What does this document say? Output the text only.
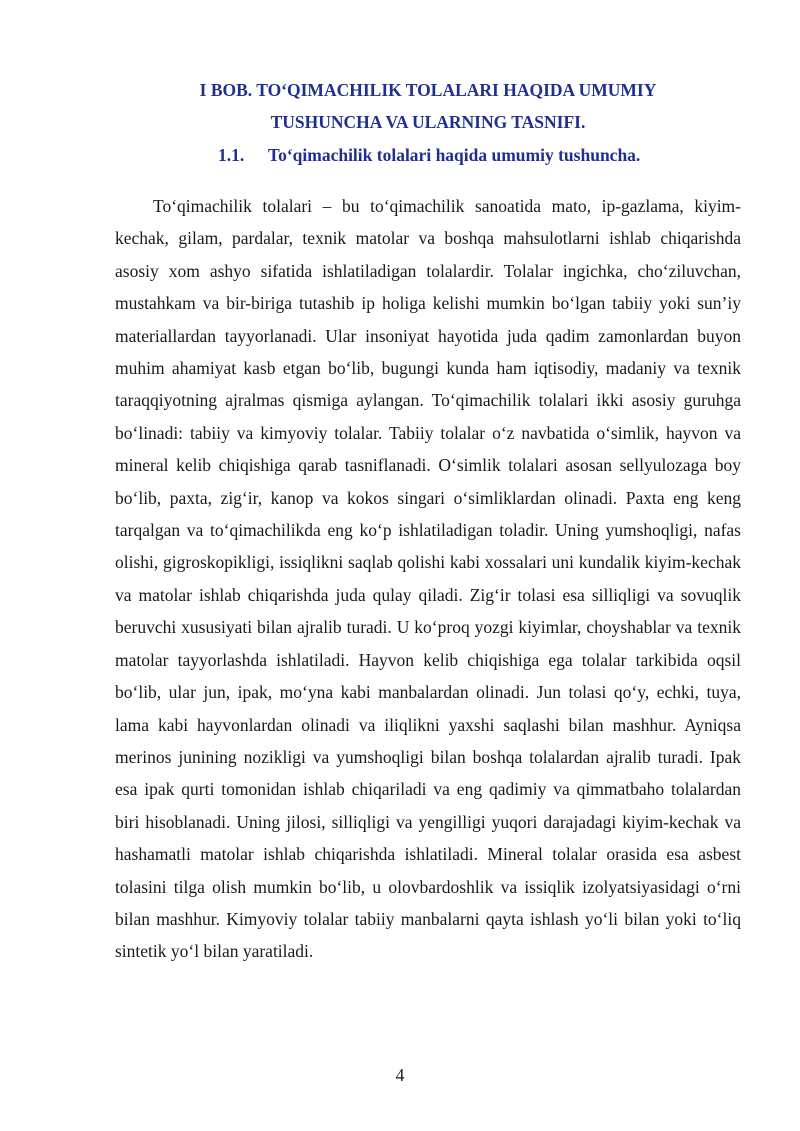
I BOB. TO‘QIMACHILIK TOLALARI HAQIDA UMUMIY
TUSHUNCHA VA ULARNING TASNIFI.
1.1. To‘qimachilik tolalari haqida umumiy tushuncha.

To‘qimachilik tolalari – bu to‘qimachilik sanoatida mato, ip-gazlama, kiyim-kechak, gilam, pardalar, texnik matolar va boshqa mahsulotlarni ishlab chiqarishda asosiy xom ashyo sifatida ishlatiladigan tolalardir. Tolalar ingichka, cho‘ziluvchan, mustahkam va bir-biriga tutashib ip holiga kelishi mumkin bo‘lgan tabiiy yoki sun’iy materiallardan tayyorlanadi. Ular insoniyat hayotida juda qadim zamonlardan buyon muhim ahamiyat kasb etgan bo‘lib, bugungi kunda ham iqtisodiy, madaniy va texnik taraqqiyotning ajralmas qismiga aylangan. To‘qimachilik tolalari ikki asosiy guruhga bo‘linadi: tabiiy va kimyoviy tolalar. Tabiiy tolalar o‘z navbatida o‘simlik, hayvon va mineral kelib chiqishiga qarab tasniflanadi. O‘simlik tolalari asosan sellyulozaga boy bo‘lib, paxta, zig‘ir, kanop va kokos singari o‘simliklardan olinadi. Paxta eng keng tarqalgan va to‘qimachilikda eng ko‘p ishlatiladigan toladir. Uning yumshoqligi, nafas olishi, gigroskopikligi, issiqlikni saqlab qolishi kabi xossalari uni kundalik kiyim-kechak va matolar ishlab chiqarishda juda qulay qiladi. Zig‘ir tolasi esa silliqligi va sovuqlik beruvchi xususiyati bilan ajralib turadi. U ko‘proq yozgi kiyimlar, choyshablar va texnik matolar tayyorlashda ishlatiladi. Hayvon kelib chiqishiga ega tolalar tarkibida oqsil bo‘lib, ular jun, ipak, mo‘yna kabi manbalardan olinadi. Jun tolasi qo‘y, echki, tuya, lama kabi hayvonlardan olinadi va iliqlikni yaxshi saqlashi bilan mashhur. Ayniqsa merinos junining nozikligi va yumshoqligi bilan boshqa tolalardan ajralib turadi. Ipak esa ipak qurti tomonidan ishlab chiqariladi va eng qadimiy va qimmatbaho tolalardan biri hisoblanadi. Uning jilosi, silliqligi va yengilligi yuqori darajadagi kiyim-kechak va hashamatli matolar ishlab chiqarishda ishlatiladi. Mineral tolalar orasida esa asbest tolasini tilga olish mumkin bo‘lib, u olovbardoshlik va issiqlik izolyatsiyasidagi o‘rni bilan mashhur. Kimyoviy tolalar tabiiy manbalarni qayta ishlash yo‘li bilan yoki to‘liq sintetik yo‘l bilan yaratiladi.

4
